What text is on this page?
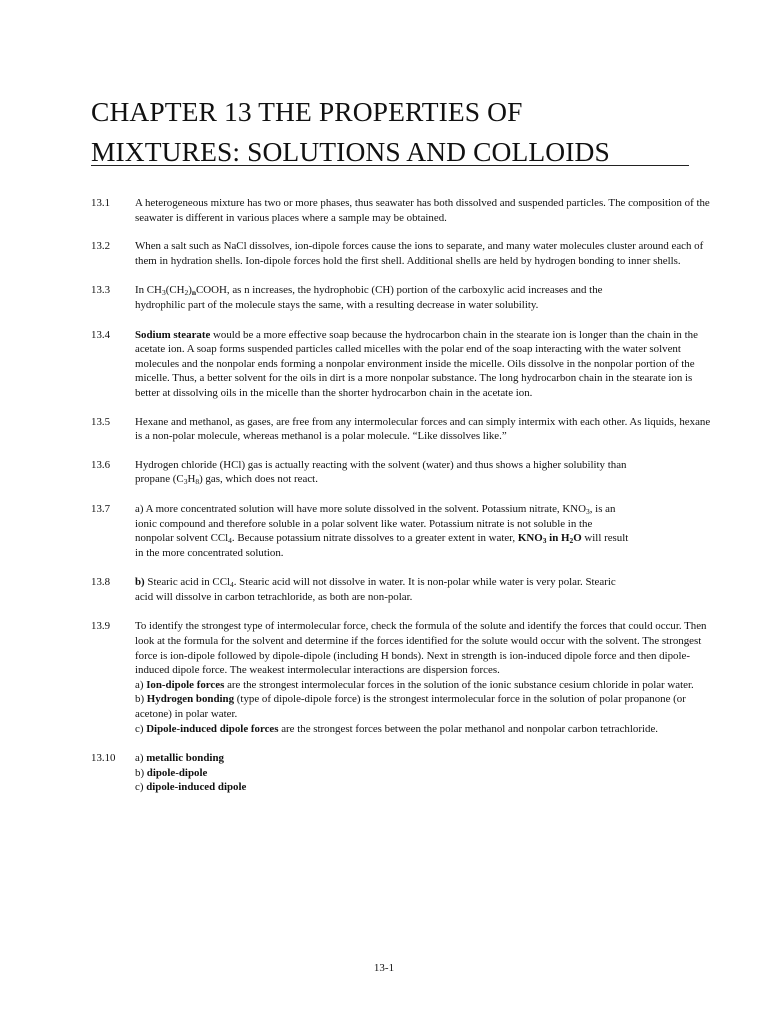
CHAPTER 13 THE PROPERTIES OF
MIXTURES: SOLUTIONS AND COLLOIDS
13.1	A heterogeneous mixture has two or more phases, thus seawater has both dissolved and suspended particles. The composition of the seawater is different in various places where a sample may be obtained.
13.2	When a salt such as NaCl dissolves, ion-dipole forces cause the ions to separate, and many water molecules cluster around each of them in hydration shells. Ion-dipole forces hold the first shell. Additional shells are held by hydrogen bonding to inner shells.
13.3	In $CH_3(CH_2)_nCOOH$, as n increases, the hydrophobic (CH) portion of the carboxylic acid increases and the
hydrophilic part of the molecule stays the same, with a resulting decrease in water solubility.
13.4	Sodium stearate would be a more effective soap because the hydrocarbon chain in the stearate ion is longer than the chain in the acetate ion. A soap forms suspended particles called micelles with the polar end of the soap interacting with the water solvent molecules and the nonpolar ends forming a nonpolar environment inside the micelle. Oils dissolve in the nonpolar portion of the micelle. Thus, a better solvent for the oils in dirt is a more nonpolar substance. The long hydrocarbon chain in the stearate ion is better at dissolving oils in the micelle than the shorter hydrocarbon chain in the acetate ion.
13.5	Hexane and methanol, as gases, are free from any intermolecular forces and can simply intermix with each other. As liquids, hexane is a non-polar molecule, whereas methanol is a polar molecule. “Like dissolves like.”
13.6	Hydrogen chloride (HCl) gas is actually reacting with the solvent (water) and thus shows a higher solubility than
propane $(C_3H_8)$ gas, which does not react.
13.7	a) A more concentrated solution will have more solute dissolved in the solvent. Potassium nitrate, $KNO_3$, is an
ionic compound and therefore soluble in a polar solvent like water. Potassium nitrate is not soluble in the
nonpolar solvent CCl$_4$. Because potassium nitrate dissolves to a greater extent in water, $KNO_3$ in $H_2O$ will result
in the more concentrated solution.
13.8	b) Stearic acid in CCl$_4$. Stearic acid will not dissolve in water. It is non-polar while water is very polar. Stearic
acid will dissolve in carbon tetrachloride, as both are non-polar.
13.9	To identify the strongest type of intermolecular force, check the formula of the solute and identify the forces that could occur. Then look at the formula for the solvent and determine if the forces identified for the solute would occur with the solvent. The strongest force is ion-dipole followed by dipole-dipole (including H bonds). Next in strength is ion-induced dipole force and then dipole-induced dipole force. The weakest intermolecular interactions are dispersion forces.
a) Ion-dipole forces are the strongest intermolecular forces in the solution of the ionic substance cesium chloride in polar water.
b) Hydrogen bonding (type of dipole-dipole force) is the strongest intermolecular force in the solution of polar propanone (or acetone) in polar water.
c) Dipole-induced dipole forces are the strongest forces between the polar methanol and nonpolar carbon tetrachloride.
13.10	a) metallic bonding
b) dipole-dipole
c) dipole-induced dipole
13-1
